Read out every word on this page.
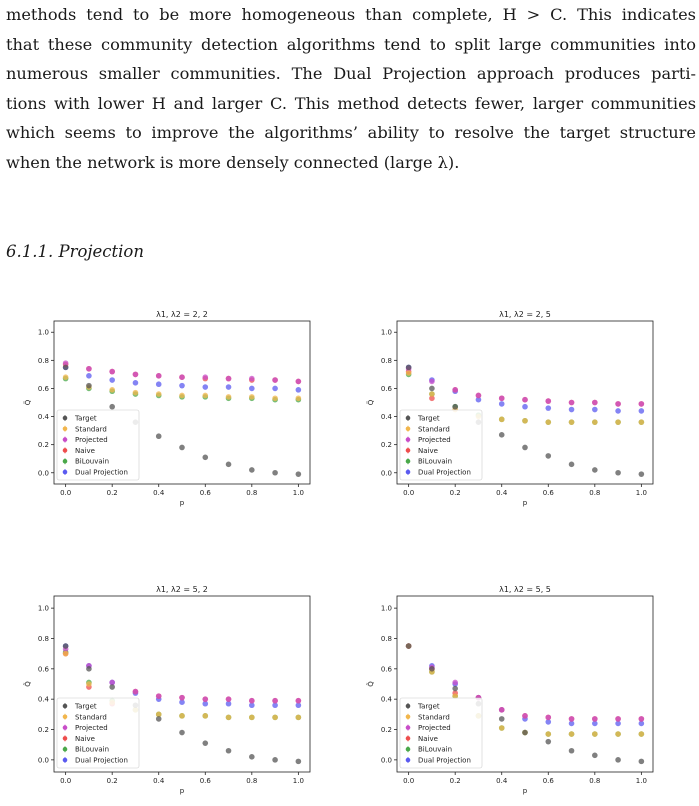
methods tend to be more homogeneous than complete, H > C. This indicates

that these community detection algorithms tend to split large communities into

numerous smaller communities. The Dual Projection approach produces parti-

tions with lower H and larger C. This method detects fewer, larger communities

which seems to improve the algorithms’ ability to resolve the target structure

when the network is more densely connected (large λ).

6.1.1. Projection
λ1, λ2 = 2, 2
0.0
0.2
0.4
0.6
0.8
1.0
0.0	0.2	0.4	0.6	0.8	1.0
p
Q̃
Target
Standard
Projected
Naive
BiLouvain
Dual Projection
λ1, λ2 = 2, 5
0.0
0.2
0.4
0.6
0.8
1.0
0.0	0.2	0.4	0.6	0.8	1.0
p
Q̃
Target
Standard
Projected
Naive
BiLouvain
Dual Projection
λ1, λ2 = 5, 2
0.0
0.2
0.4
0.6
0.8
1.0
0.0	0.2	0.4	0.6	0.8	1.0
p
Q̃
Target
Standard
Projected
Naive
BiLouvain
Dual Projection
λ1, λ2 = 5, 5
0.0
0.2
0.4
0.6
0.8
1.0
0.0	0.2	0.4	0.6	0.8	1.0
p
Q̃
Target
Standard
Projected
Naive
BiLouvain
Dual Projection
